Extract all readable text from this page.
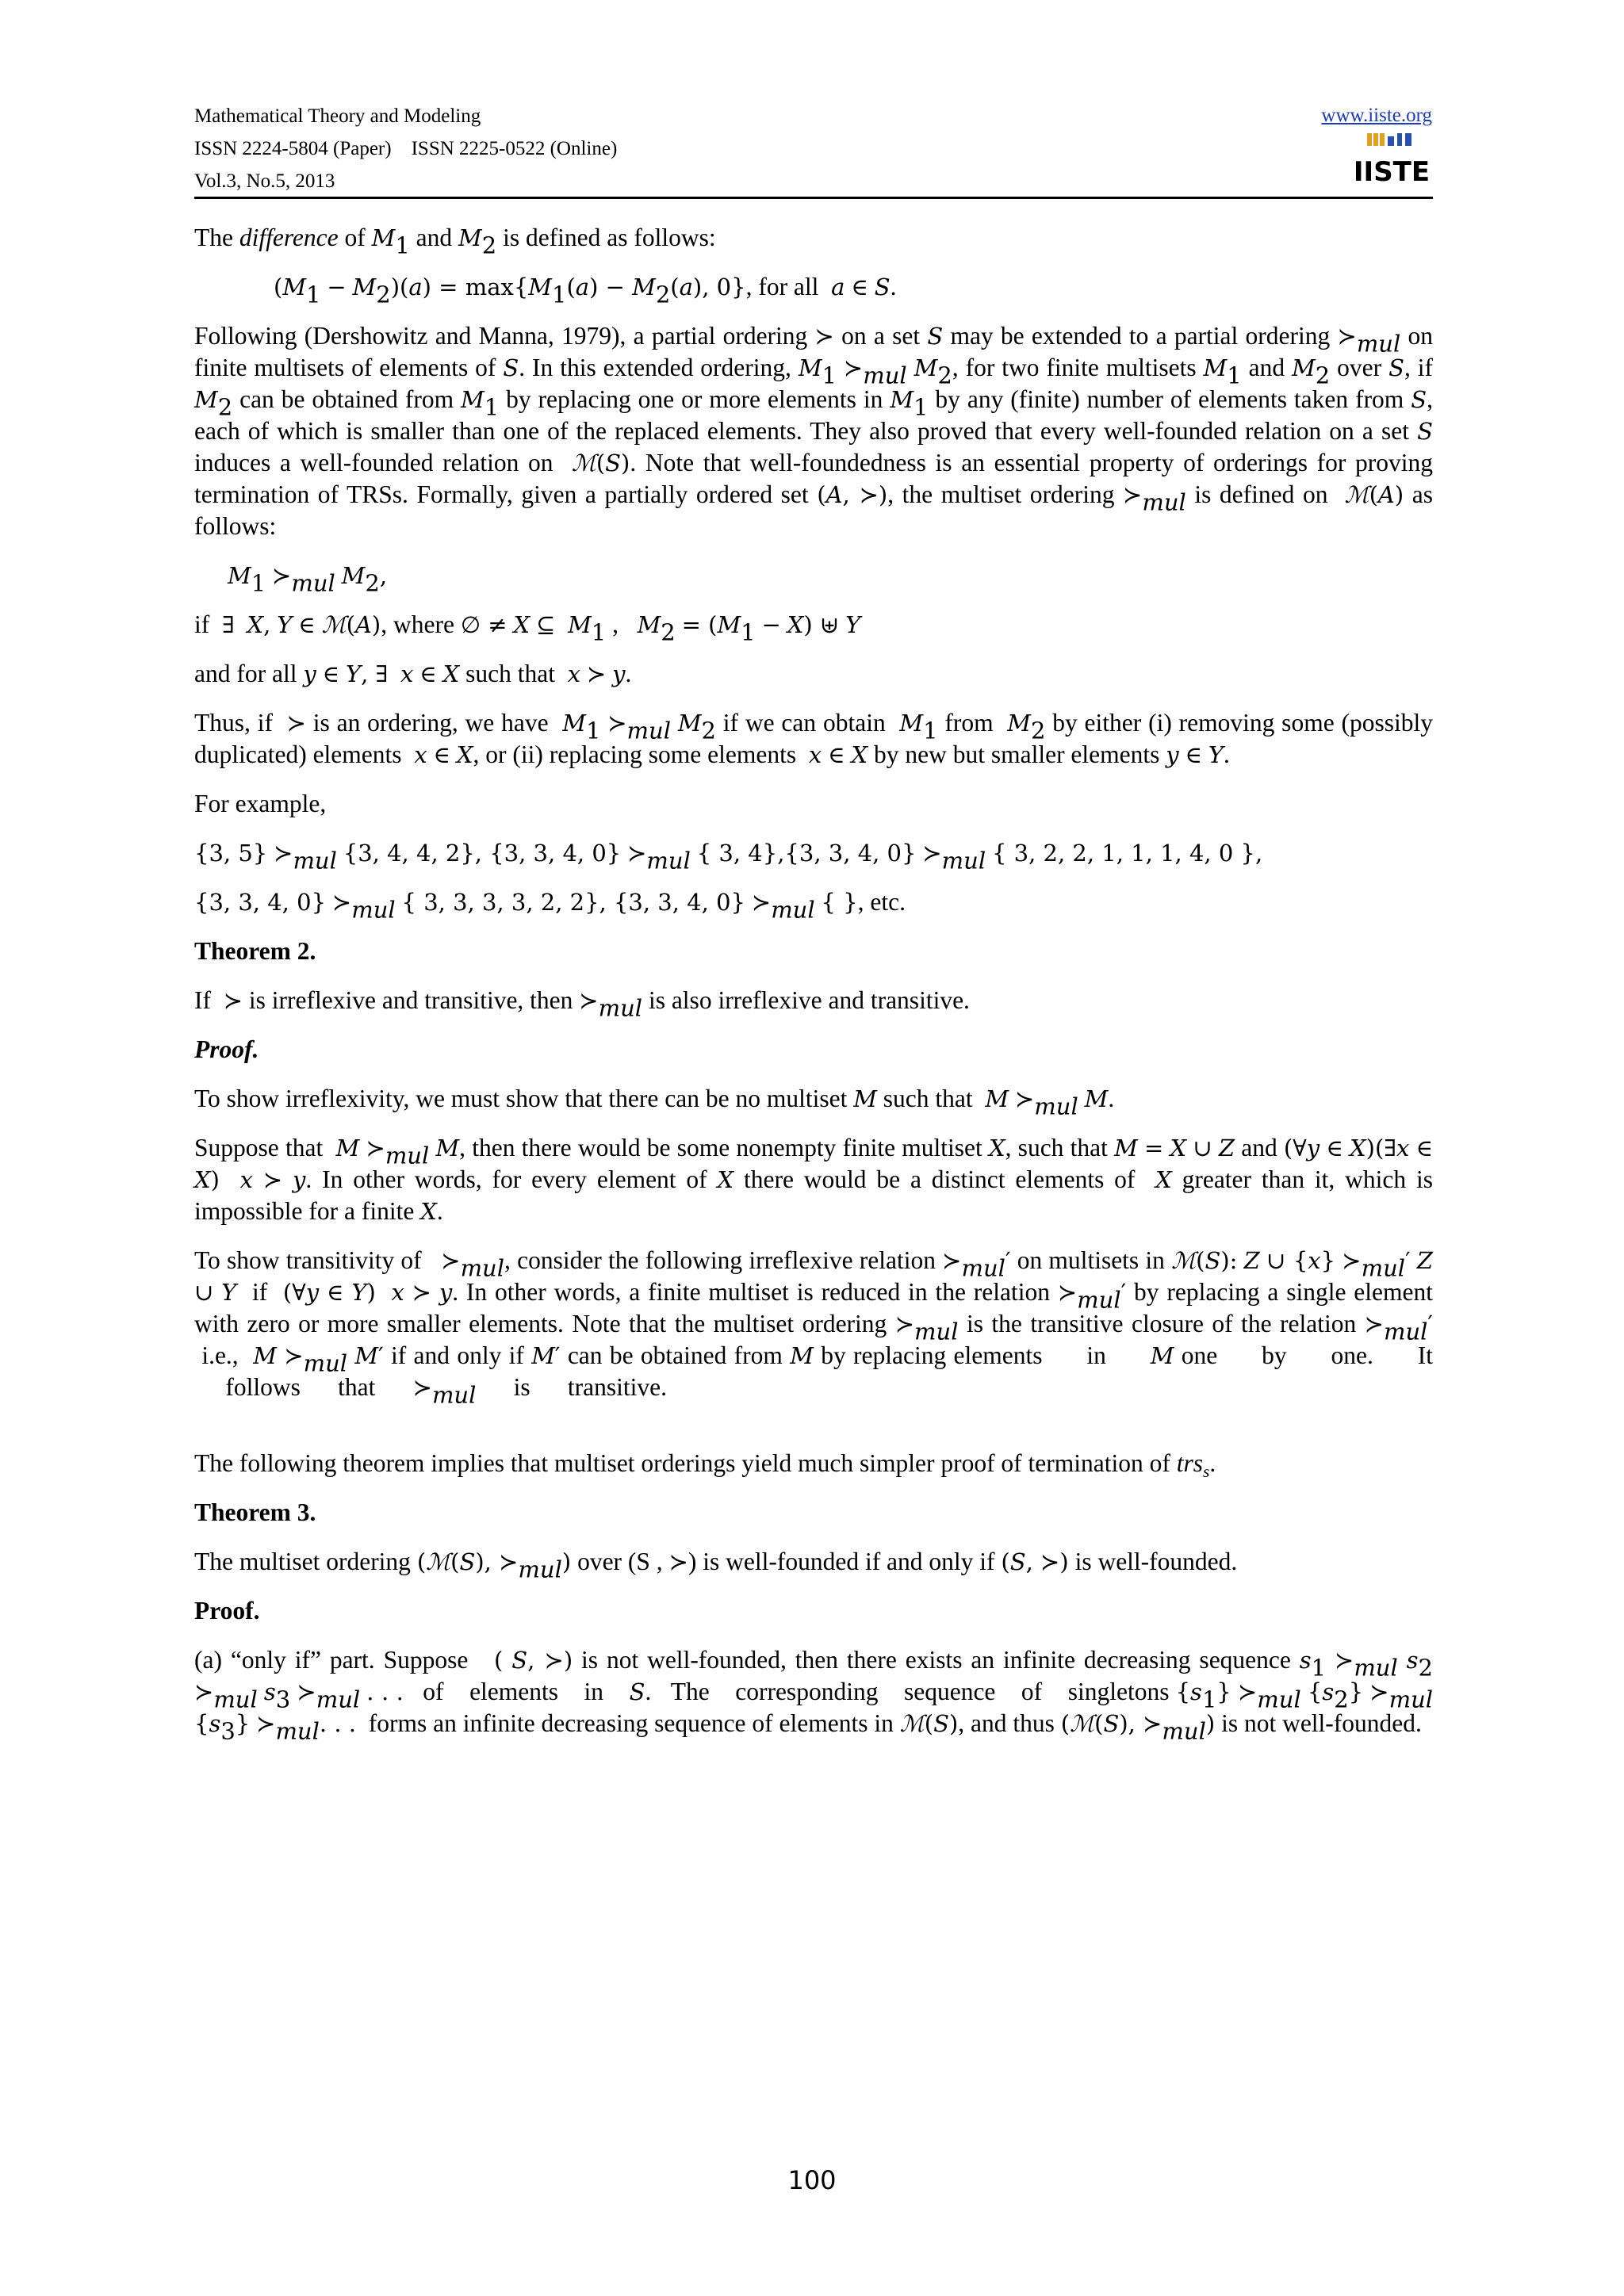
Mathematical Theory and Modeling
ISSN 2224-5804 (Paper)    ISSN 2225-0522 (Online)
Vol.3, No.5, 2013
www.iiste.org
IISTE

The difference of $M_1$ and $M_2$ is defined as follows:

$(M_1 - M_2)(a) = \max\{M_1(a) - M_2(a)$, 0}, for all  a ∈ S.

Following (Dershowitz and Manna, 1979), a partial ordering ≻ on a set S may be extended to a partial ordering $≻_{mul}$ on finite multisets of elements of S. In this extended ordering, $M_1$ $≻_{mul}$ $M_2$, for two finite multisets $M_1$ and $M_2$ over S, if $M_2$ can be obtained from $M_1$ by replacing one or more elements in $M_1$ by any (finite) number of elements taken from S, each of which is smaller than one of the replaced elements. They also proved that every well-founded relation on a set S induces a well-founded relation on  ℳ(S). Note that well-foundedness is an essential property of orderings for proving termination of TRSs. Formally, given a partially ordered set (A, ≻), the multiset ordering $≻_{mul}$ is defined on  ℳ(A) as follows:

$M_1$ $≻_{mul}$ $M_2$,

if  ∃ X, Y ∈ ℳ(A), where ∅ ≠ X ⊆ $M_1$ ,   $M_2 = (M_1 - X)$ ⊎ Y

and for all y ∈ Y, ∃ x ∈ X such that  x ≻ y.

Thus, if  ≻ is an ordering, we have  $M_1$ $≻_{mul}$ $M_2$ if we can obtain  $M_1$ from  $M_2$ by either (i) removing some (possibly duplicated) elements  x ∈ X, or (ii) replacing some elements  x ∈ X by new but smaller elements y ∈ Y.

For example,

{3, 5} $≻_{mul}$ {3, 4, 4, 2}, {3, 3, 4, 0} $≻_{mul}$ { 3, 4},{3, 3, 4, 0} $≻_{mul}$ { 3, 2, 2, 1, 1, 1, 4, 0 },

{3, 3, 4, 0} $≻_{mul}$ { 3, 3, 3, 3, 2, 2}, {3, 3, 4, 0} $≻_{mul}$ { }, etc.

Theorem 2.

If  ≻ is irreflexive and transitive, then $≻_{mul}$ is also irreflexive and transitive.

Proof.

To show irreflexivity, we must show that there can be no multiset M such that  M $≻_{mul}$ M.

Suppose that  M $≻_{mul}$ M, then there would be some nonempty finite multiset X, such that M = X ∪ Z and (∀y ∈ X)(∃x ∈ X) x ≻ y. In other words, for every element of X there would be a distinct elements of  X greater than it, which is impossible for a finite X.

To show transitivity of   $≻_{mul}$, consider the following irreflexive relation $≻_{mul}'$ on multisets in ℳ(S): Z ∪ {x} $≻_{mul}'$ Z ∪ Y  if  (∀y ∈ Y) x ≻ y. In other words, a finite multiset is reduced in the relation $≻_{mul}'$ by replacing a single element with zero or more smaller elements. Note that the multiset ordering $≻_{mul}$ is the transitive closure of the relation $≻_{mul}'$  i.e.,  M $≻_{mul}$ M′ if and only if M′ can be obtained from M by replacing elements      in      M one      by      one.      It      follows      that      $≻_{mul}$      is      transitive.

The following theorem implies that multiset orderings yield much simpler proof of termination of trs$_s$.

Theorem 3.

The multiset ordering (ℳ(S), $≻_{mul}$) over (S , ≻) is well-founded if and only if (S, ≻) is well-founded.

Proof.

(a) “only if” part. Suppose   ( S, ≻) is not well-founded, then there exists an infinite decreasing sequence $s_1$ $≻_{mul}$ $s_2$ $≻_{mul}$ $s_3$ $≻_{mul}$ . . .   of    elements    in    S.   The    corresponding    sequence    of    singletons $\{s_1\}$ $≻_{mul}$ $\{s_2\}$ $≻_{mul}$ $\{s_3\}$ $≻_{mul}$. . .  forms an infinite decreasing sequence of elements in ℳ(S), and thus (ℳ(S), $≻_{mul}$) is not well-founded.

100
